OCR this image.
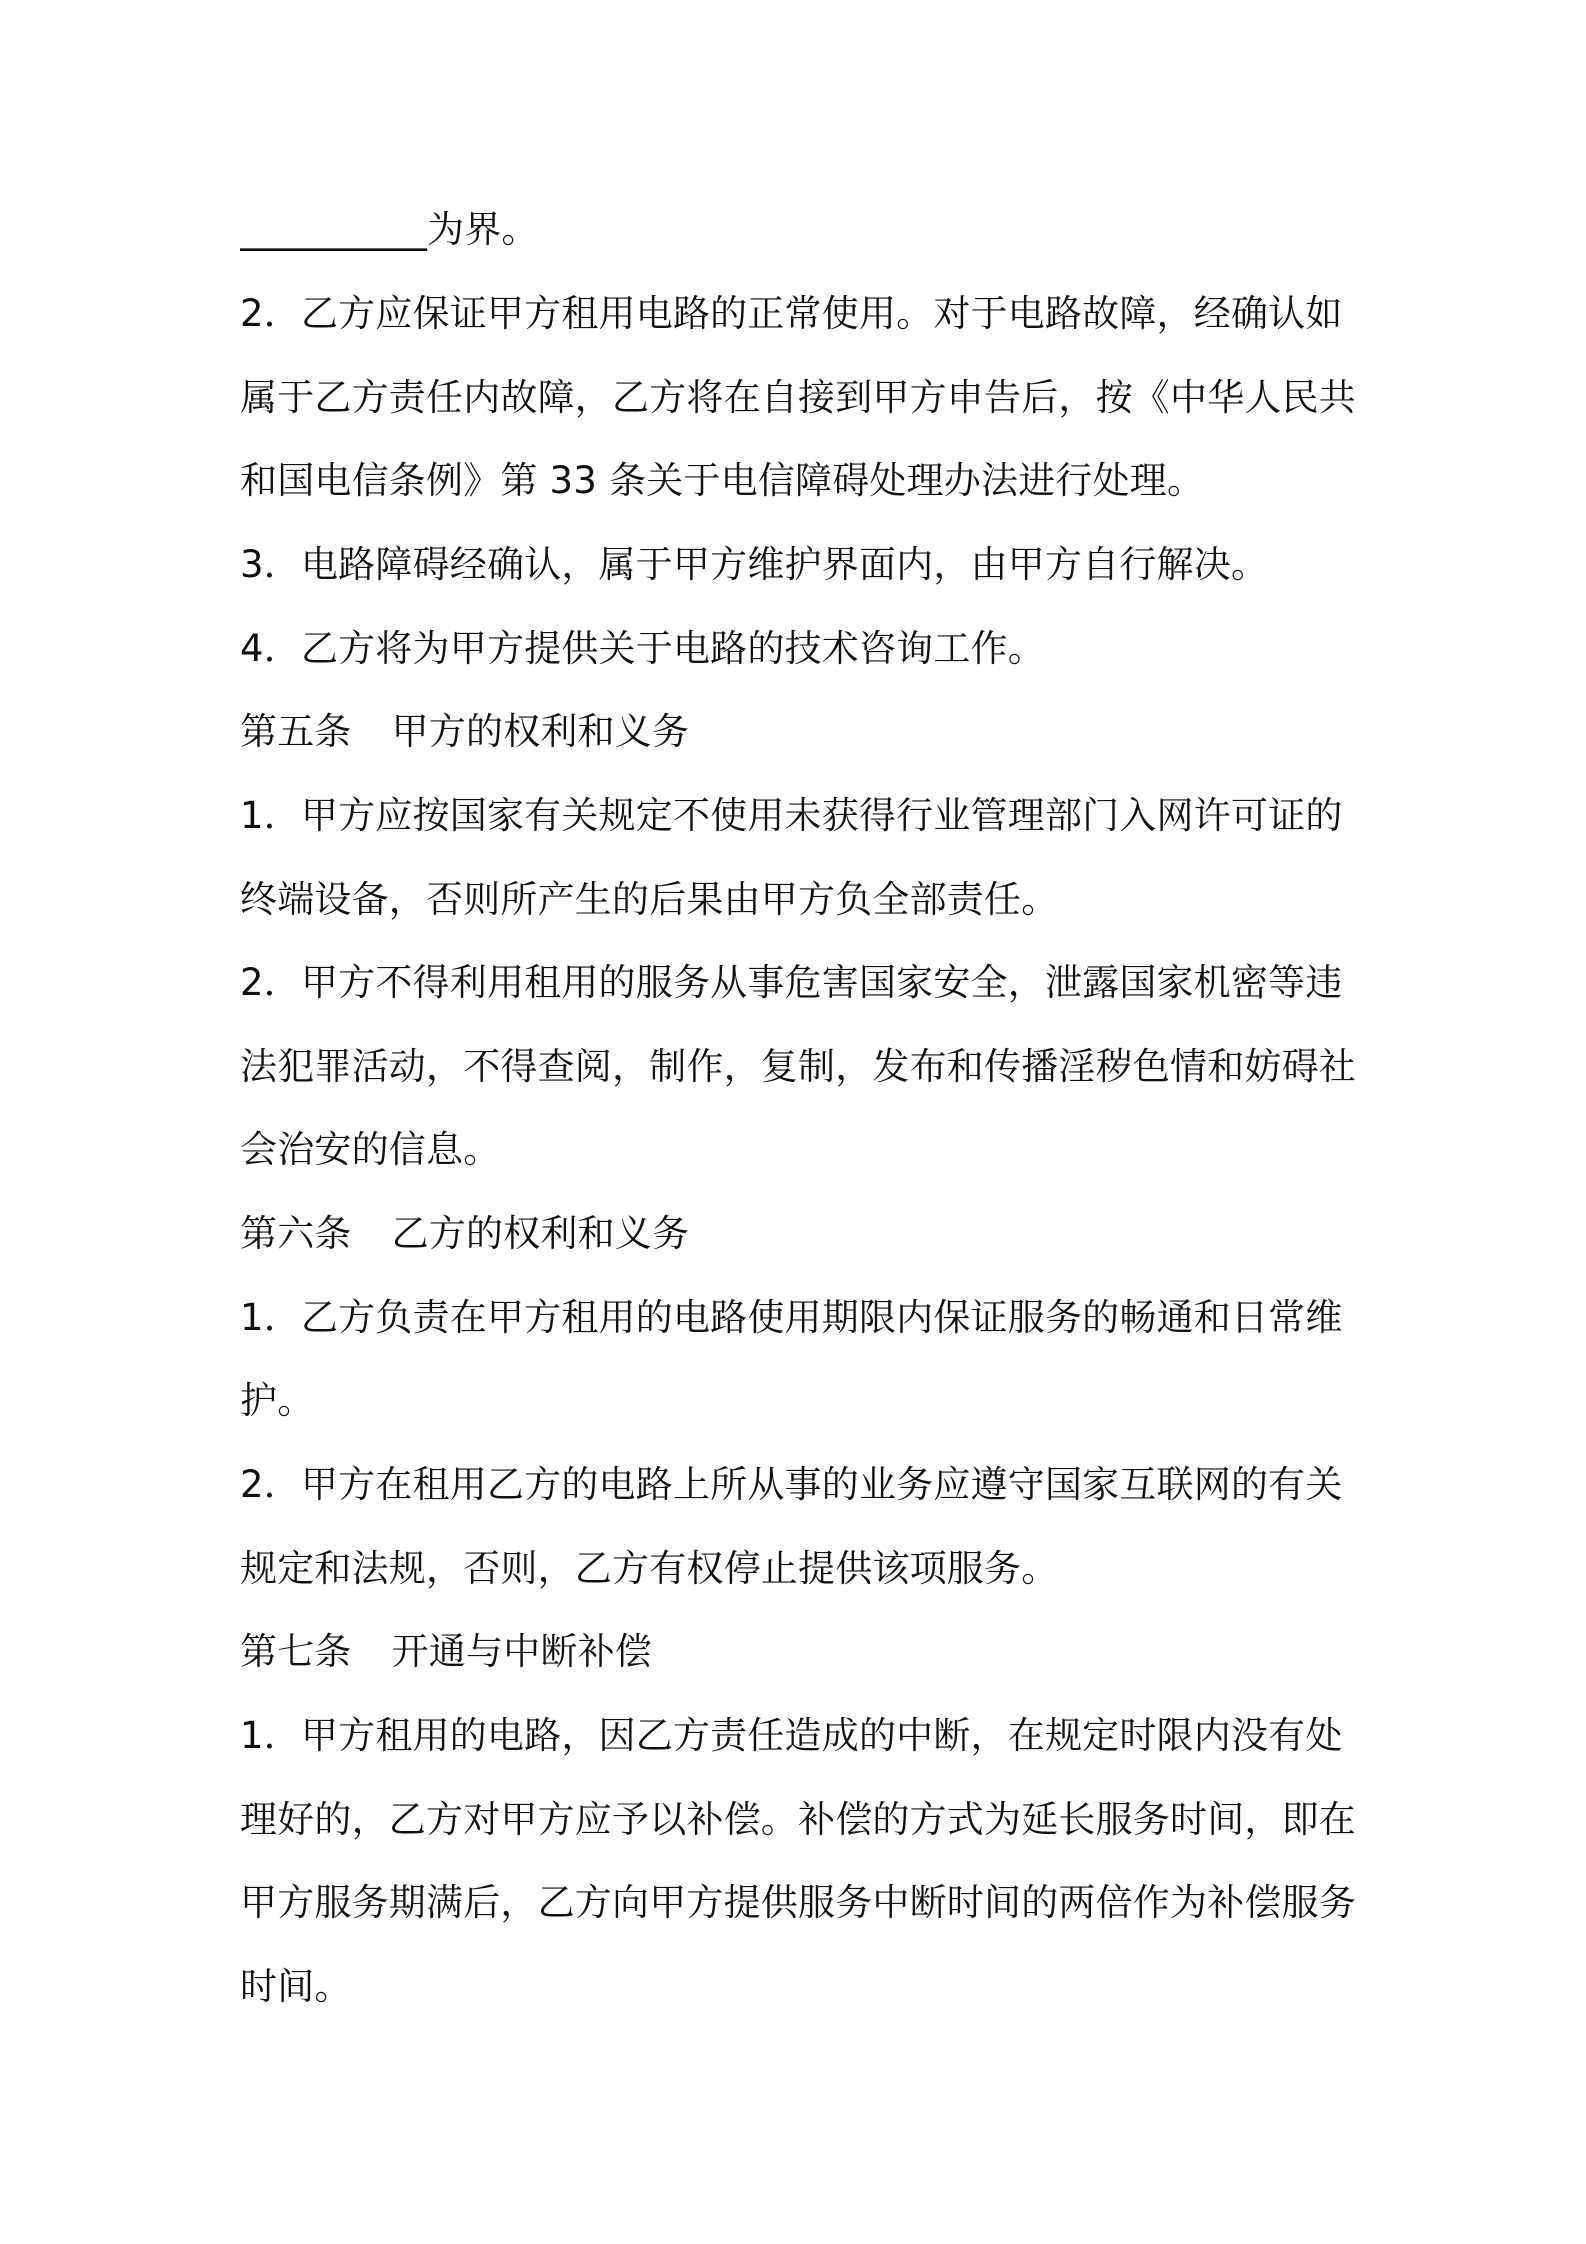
__________为界。
2．乙方应保证甲方租用电路的正常使用。对于电路故障，经确认如
属于乙方责任内故障，乙方将在自接到甲方申告后，按《中华人民共
和国电信条例》第 33 条关于电信障碍处理办法进行处理。
3．电路障碍经确认，属于甲方维护界面内，由甲方自行解决。
4．乙方将为甲方提供关于电路的技术咨询工作。
第五条 甲方的权利和义务
1．甲方应按国家有关规定不使用未获得行业管理部门入网许可证的
终端设备，否则所产生的后果由甲方负全部责任。
2．甲方不得利用租用的服务从事危害国家安全，泄露国家机密等违
法犯罪活动，不得查阅，制作，复制，发布和传播淫秽色情和妨碍社
会治安的信息。
第六条 乙方的权利和义务
1．乙方负责在甲方租用的电路使用期限内保证服务的畅通和日常维
护。
2．甲方在租用乙方的电路上所从事的业务应遵守国家互联网的有关
规定和法规，否则，乙方有权停止提供该项服务。
第七条 开通与中断补偿
1．甲方租用的电路，因乙方责任造成的中断，在规定时限内没有处
理好的，乙方对甲方应予以补偿。补偿的方式为延长服务时间，即在
甲方服务期满后，乙方向甲方提供服务中断时间的两倍作为补偿服务
时间。
